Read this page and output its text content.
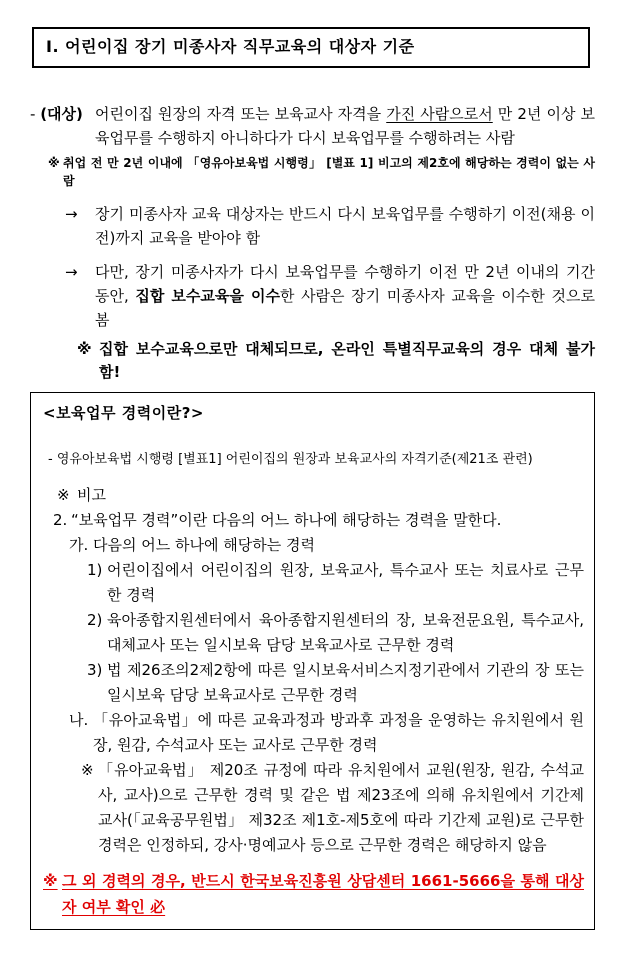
Ⅰ. 어린이집 장기 미종사자 직무교육의 대상자 기준
- (대상) 어린이집 원장의 자격 또는 보육교사 자격을 가진 사람으로서 만 2년 이상 보육업무를 수행하지 아니하다가 다시 보육업무를 수행하려는 사람
※ 취업 전 만 2년 이내에 「영유아보육법 시행령」 [별표 1] 비고의 제2호에 해당하는 경력이 없는 사람
→	장기 미종사자 교육 대상자는 반드시 다시 보육업무를 수행하기 이전(채용 이전)까지 교육을 받아야 함
→	다만, 장기 미종사자가 다시 보육업무를 수행하기 이전 만 2년 이내의 기간 동안, 집합 보수교육을 이수한 사람은 장기 미종사자 교육을 이수한 것으로 봄
※ 집합 보수교육으로만 대체되므로, 온라인 특별직무교육의 경우 대체 불가함!
<보육업무 경력이란?>
- 영유아보육법 시행령 [별표1] 어린이집의 원장과 보육교사의 자격기준(제21조 관련)
※ 비고
2. “보육업무 경력”이란 다음의 어느 하나에 해당하는 경력을 말한다.
가. 다음의 어느 하나에 해당하는 경력
1) 어린이집에서 어린이집의 원장, 보육교사, 특수교사 또는 치료사로 근무한 경력
2) 육아종합지원센터에서 육아종합지원센터의 장, 보육전문요원, 특수교사, 대체교사 또는 일시보육 담당 보육교사로 근무한 경력
3) 법 제26조의2제2항에 따른 일시보육서비스지정기관에서 기관의 장 또는 일시보육 담당 보육교사로 근무한 경력
나. 「유아교육법」에 따른 교육과정과 방과후 과정을 운영하는 유치원에서 원장, 원감, 수석교사 또는 교사로 근무한 경력
※ 「유아교육법」 제20조 규정에 따라 유치원에서 교원(원장, 원감, 수석교사, 교사)으로 근무한 경력 및 같은 법 제23조에 의해 유치원에서 기간제 교사(「교육공무원법」 제32조 제1호-제5호에 따라 기간제 교원)로 근무한 경력은 인정하되, 강사·명예교사 등으로 근무한 경력은 해당하지 않음
※ 그 외 경력의 경우, 반드시 한국보육진흥원 상담센터 1661-5666을 통해 대상자 여부 확인 必
